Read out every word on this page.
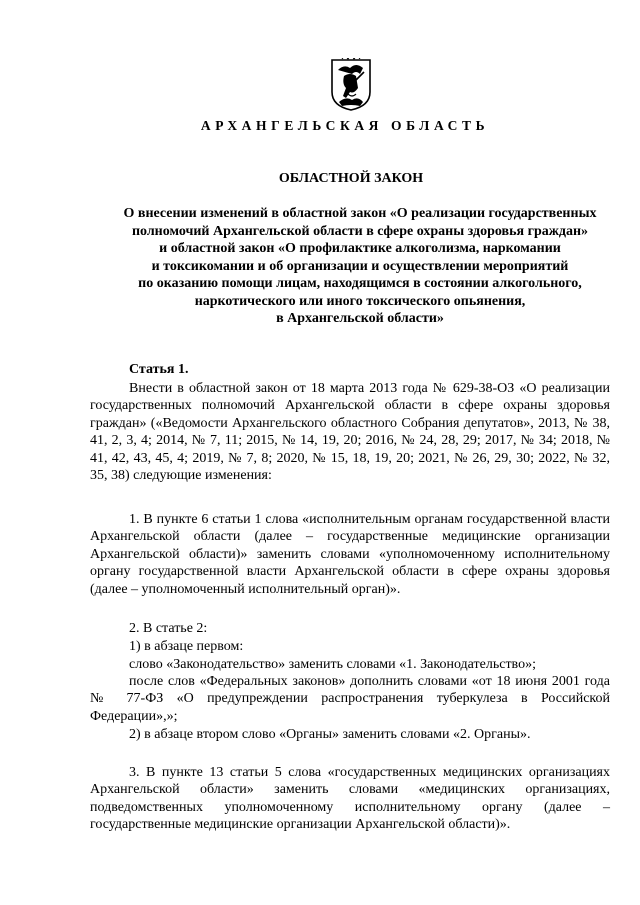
АРХАНГЕЛЬСКАЯ ОБЛАСТЬ
ОБЛАСТНОЙ ЗАКОН
О внесении изменений в областной закон «О реализации государственных
полномочий Архангельской области в сфере охраны здоровья граждан»
и областной закон «О профилактике алкоголизма, наркомании
и токсикомании и об организации и осуществлении мероприятий
по оказанию помощи лицам, находящимся в состоянии алкогольного,
наркотического или иного токсического опьянения,
в Архангельской области»
Статья 1.

Внести в областной закон от 18 марта 2013 года № 629-38-ОЗ «О реализации государственных полномочий Архангельской области в сфере охраны здоровья граждан» («Ведомости Архангельского областного Собрания депутатов», 2013, № 38, 41, 2, 3, 4; 2014, № 7, 11; 2015, № 14, 19, 20; 2016, № 24, 28, 29; 2017, № 34; 2018, № 41, 42, 43, 45, 4; 2019, № 7, 8; 2020, № 15, 18, 19, 20; 2021, № 26, 29, 30; 2022, № 32, 35, 38) следующие изменения:

1. В пункте 6 статьи 1 слова «исполнительным органам государственной власти Архангельской области (далее – государственные медицинские организации Архангельской области)» заменить словами «уполномоченному исполнительному органу государственной власти Архангельской области в сфере охраны здоровья (далее – уполномоченный исполнительный орган)».

2. В статье 2:
1) в абзаце первом:
слово «Законодательство» заменить словами «1. Законодательство»;

после слов «Федеральных законов» дополнить словами «от 18 июня 2001 года № 77-ФЗ «О предупреждении распространения туберкулеза в Российской Федерации»,»;

2) в абзаце втором слово «Органы» заменить словами «2. Органы».

3. В пункте 13 статьи 5 слова «государственных медицинских организациях Архангельской области» заменить словами «медицинских организациях, подведомственных уполномоченному исполнительному органу (далее – государственные медицинские организации Архангельской области)».
